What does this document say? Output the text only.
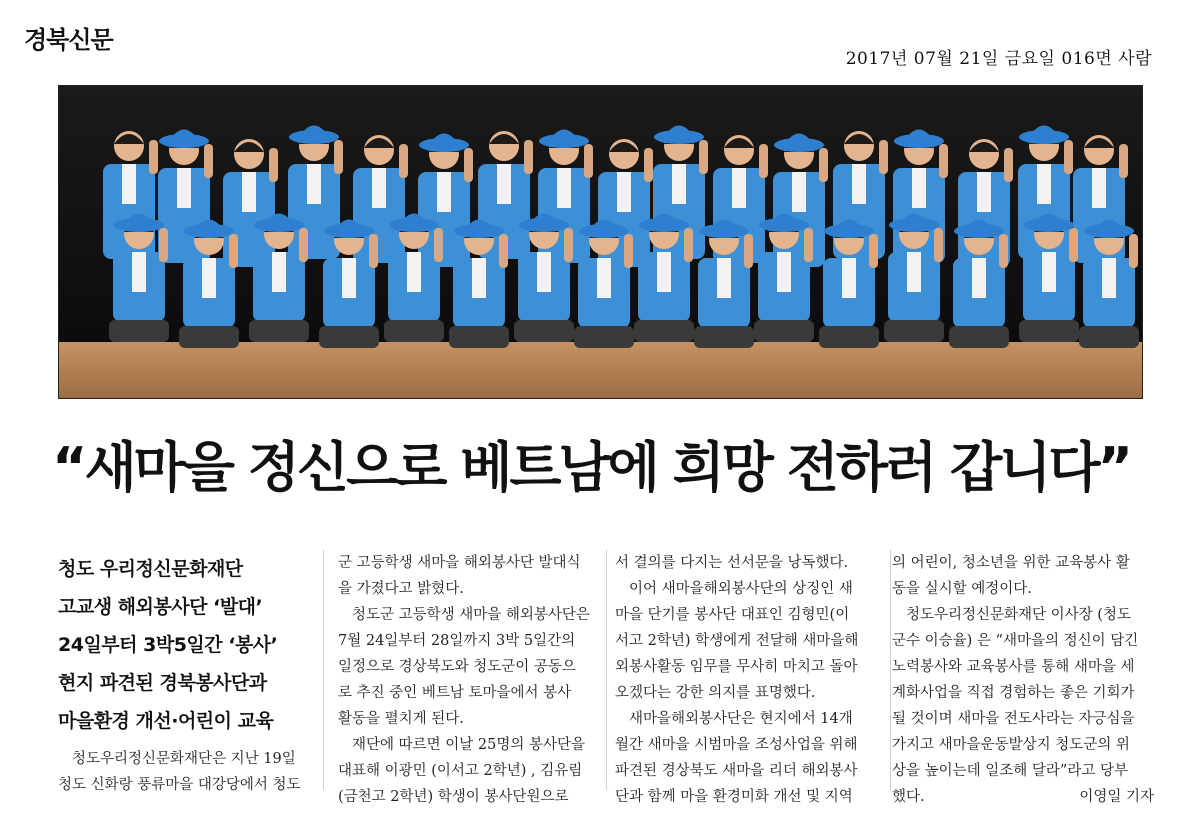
경북신문
2017년 07월 21일 금요일 016면 사람
“새마을 정신으로 베트남에 희망 전하러 갑니다”
청도 우리정신문화재단
고교생 해외봉사단 ‘발대’
24일부터 3박5일간 ‘봉사’
현지 파견된 경북봉사단과
마을환경 개선·어린이 교육

청도우리정신문화재단은 지난 19일

청도 신화랑 풍류마을 대강당에서 청도

군 고등학생 새마을 해외봉사단 발대식

을 가졌다고 밝혔다.

청도군 고등학생 새마을 해외봉사단은

7월 24일부터 28일까지 3박 5일간의

일정으로 경상북도와 청도군이 공동으

로 추진 중인 베트남 토마을에서 봉사

활동을 펼치게 된다.

재단에 따르면 이날 25명의 봉사단을

대표해 이광민 (이서고 2학년) , 김유림

(금천고 2학년) 학생이 봉사단원으로

서 결의를 다지는 선서문을 낭독했다.

이어 새마을해외봉사단의 상징인 새

마을 단기를 봉사단 대표인 김형민(이

서고 2학년) 학생에게 전달해 새마을해

외봉사활동 임무를 무사히 마치고 돌아

오겠다는 강한 의지를 표명했다.

새마을해외봉사단은 현지에서 14개

월간 새마을 시범마을 조성사업을 위해

파견된 경상북도 새마을 리더 해외봉사

단과 함께 마을 환경미화 개선 및 지역

의 어린이, 청소년을 위한 교육봉사 활

동을 실시할 예정이다.

청도우리정신문화재단 이사장 (청도

군수 이승율) 은 “새마을의 정신이 담긴

노력봉사와 교육봉사를 통해 새마을 세

계화사업을 직접 경험하는 좋은 기회가

될 것이며 새마을 전도사라는 자긍심을

가지고 새마을운동발상지 청도군의 위

상을 높이는데 일조해 달라”라고 당부

했다.	이영일 기자
